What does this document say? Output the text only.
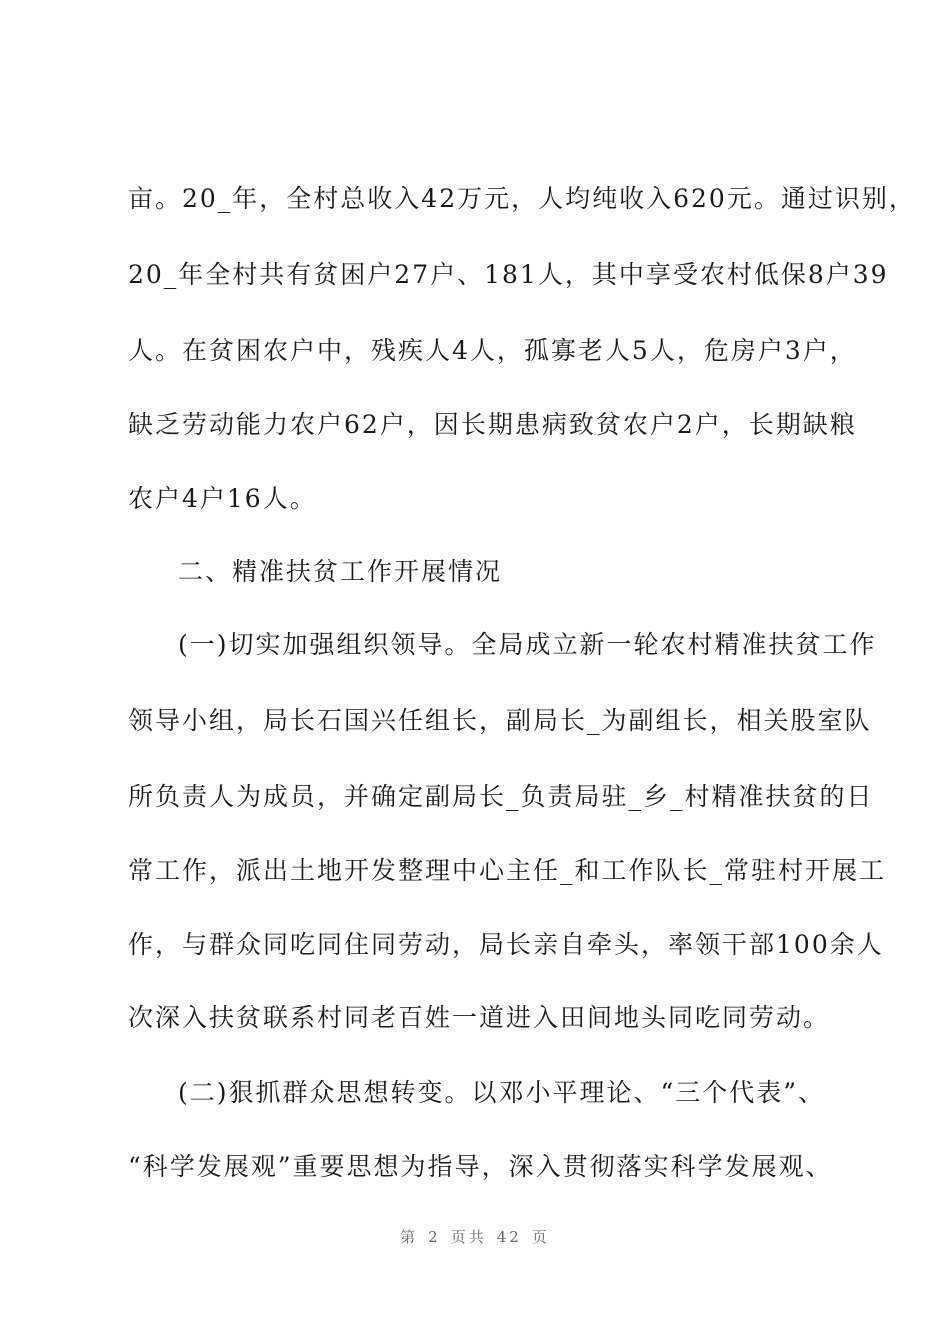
亩。20_年，全村总收入42万元，人均纯收入620元。通过识别，
20_年全村共有贫困户27户、181人，其中享受农村低保8户39
人。在贫困农户中，残疾人4人，孤寡老人5人，危房户3户，
缺乏劳动能力农户62户，因长期患病致贫农户2户，长期缺粮
农户4户16人。
二、精准扶贫工作开展情况
(一)切实加强组织领导。全局成立新一轮农村精准扶贫工作
领导小组，局长石国兴任组长，副局长_为副组长，相关股室队
所负责人为成员，并确定副局长_负责局驻_乡_村精准扶贫的日
常工作，派出土地开发整理中心主任_和工作队长_常驻村开展工
作，与群众同吃同住同劳动，局长亲自牵头，率领干部100余人
次深入扶贫联系村同老百姓一道进入田间地头同吃同劳动。
(二)狠抓群众思想转变。以邓小平理论、“三个代表”、
“科学发展观”重要思想为指导，深入贯彻落实科学发展观、
第 2 页共 42 页
